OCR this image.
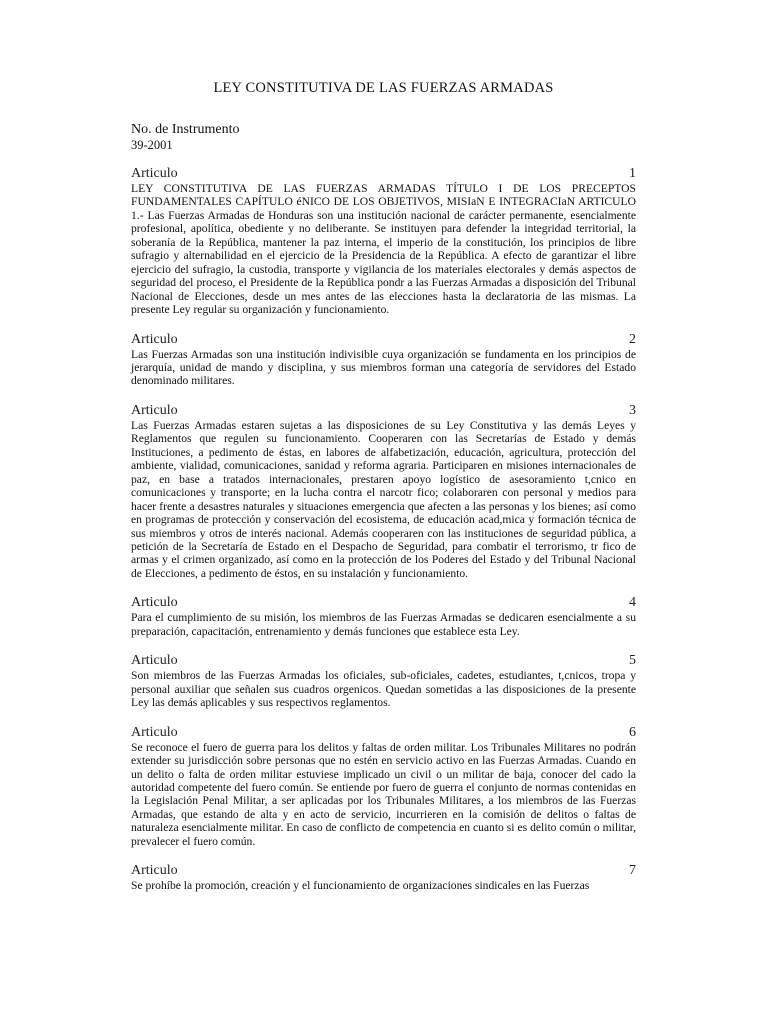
LEY CONSTITUTIVA DE LAS FUERZAS ARMADAS
No. de Instrumento
39-2001
Articulo	1
LEY CONSTITUTIVA DE LAS FUERZAS ARMADAS TÍTULO I DE LOS PRECEPTOS FUNDAMENTALES CAPÍTULO éNICO DE LOS OBJETIVOS, MISIaN E INTEGRACIaN ARTICULO 1.- Las Fuerzas Armadas de Honduras son una institución nacional de carácter permanente, esencialmente profesional, apolítica, obediente y no deliberante. Se instituyen para defender la integridad territorial, la soberanía de la República, mantener la paz interna, el imperio de la constitución, los principios de libre sufragio y alternabilidad en el ejercicio de la Presidencia de la República. A efecto de garantizar el libre ejercicio del sufragio, la custodia, transporte y vigilancia de los materiales electorales y demás aspectos de seguridad del proceso, el Presidente de la República pondr a las Fuerzas Armadas a disposición del Tribunal Nacional de Elecciones, desde un mes antes de las elecciones hasta la declaratoria de las mismas. La presente Ley regular su organización y funcionamiento.
Articulo	2
Las Fuerzas Armadas son una institución indivisible cuya organización se fundamenta en los principios de jerarquía, unidad de mando y disciplina, y sus miembros forman una categoría de servidores del Estado denominado militares.
Articulo	3
Las Fuerzas Armadas estaren sujetas a las disposiciones de su Ley Constitutiva y las demás Leyes y Reglamentos que regulen su funcionamiento. Cooperaren con las Secretarías de Estado y demás Instituciones, a pedimento de éstas, en labores de alfabetización, educación, agricultura, protección del ambiente, vialidad, comunicaciones, sanidad y reforma agraria. Participaren en misiones internacionales de paz, en base a tratados internacionales, prestaren apoyo logístico de asesoramiento t,cnico en comunicaciones y transporte; en la lucha contra el narcotr fico; colaboraren con personal y medios para hacer frente a desastres naturales y situaciones emergencia que afecten a las personas y los bienes; así como en programas de protección y conservación del ecosistema, de educación acad,mica y formación técnica de sus miembros y otros de interés nacional. Además cooperaren con las instituciones de seguridad pública, a petición de la Secretaría de Estado en el Despacho de Seguridad, para combatir el terrorismo, tr fico de armas y el crimen organizado, así como en la protección de los Poderes del Estado y del Tribunal Nacional de Elecciones, a pedimento de éstos, en su instalación y funcionamiento.
Articulo	4
Para el cumplimiento de su misión, los miembros de las Fuerzas Armadas se dedicaren esencialmente a su preparación, capacitación, entrenamiento y demás funciones que establece esta Ley.
Articulo	5
Son miembros de las Fuerzas Armadas los oficiales, sub-oficiales, cadetes, estudiantes, t,cnicos, tropa y personal auxiliar que señalen sus cuadros orgenicos. Quedan sometidas a las disposiciones de la presente Ley las demás aplicables y sus respectivos reglamentos.
Articulo	6
Se reconoce el fuero de guerra para los delitos y faltas de orden militar. Los Tribunales Militares no podrán extender su jurisdicción sobre personas que no estén en servicio activo en las Fuerzas Armadas. Cuando en un delito o falta de orden militar estuviese implicado un civil o un militar de baja, conocer del cado la autoridad competente del fuero común. Se entiende por fuero de guerra el conjunto de normas contenidas en la Legislación Penal Militar, a ser aplicadas por los Tribunales Militares, a los miembros de las Fuerzas Armadas, que estando de alta y en acto de servicio, incurrieren en la comisión de delitos o faltas de naturaleza esencialmente militar. En caso de conflicto de competencia en cuanto si es delito común o militar, prevalecer el fuero común.
Articulo	7
Se prohíbe la promoción, creación y el funcionamiento de organizaciones sindicales en las Fuerzas
